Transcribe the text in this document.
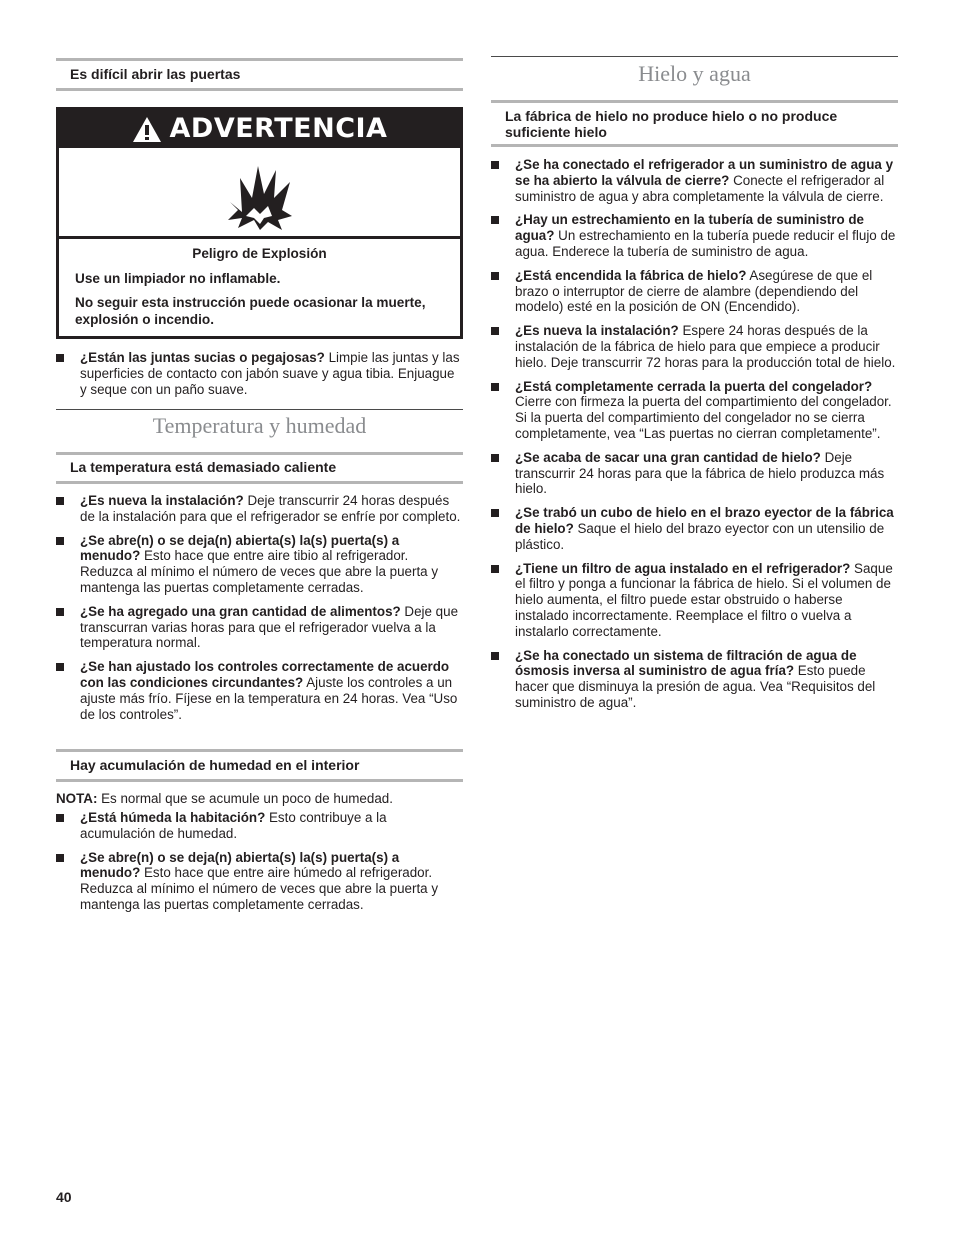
Es difícil abrir las puertas
ADVERTENCIA
Peligro de Explosión
Use un limpiador no inflamable.
No seguir esta instrucción puede ocasionar la muerte, explosión o incendio.
¿Están las juntas sucias o pegajosas? Limpie las juntas y las superficies de contacto con jabón suave y agua tibia. Enjuague y seque con un paño suave.
Temperatura y humedad
La temperatura está demasiado caliente
¿Es nueva la instalación? Deje transcurrir 24 horas después de la instalación para que el refrigerador se enfríe por completo.
¿Se abre(n) o se deja(n) abierta(s) la(s) puerta(s) a menudo? Esto hace que entre aire tibio al refrigerador. Reduzca al mínimo el número de veces que abre la puerta y mantenga las puertas completamente cerradas.
¿Se ha agregado una gran cantidad de alimentos? Deje que transcurran varias horas para que el refrigerador vuelva a la temperatura normal.
¿Se han ajustado los controles correctamente de acuerdo con las condiciones circundantes? Ajuste los controles a un ajuste más frío. Fíjese en la temperatura en 24 horas. Vea “Uso de los controles”.
Hay acumulación de humedad en el interior
NOTA: Es normal que se acumule un poco de humedad.
¿Está húmeda la habitación? Esto contribuye a la acumulación de humedad.
¿Se abre(n) o se deja(n) abierta(s) la(s) puerta(s) a menudo? Esto hace que entre aire húmedo al refrigerador. Reduzca al mínimo el número de veces que abre la puerta y mantenga las puertas completamente cerradas.
Hielo y agua
La fábrica de hielo no produce hielo o no produce suficiente hielo
¿Se ha conectado el refrigerador a un suministro de agua y se ha abierto la válvula de cierre? Conecte el refrigerador al suministro de agua y abra completamente la válvula de cierre.
¿Hay un estrechamiento en la tubería de suministro de agua? Un estrechamiento en la tubería puede reducir el flujo de agua. Enderece la tubería de suministro de agua.
¿Está encendida la fábrica de hielo? Asegúrese de que el brazo o interruptor de cierre de alambre (dependiendo del modelo) esté en la posición de ON (Encendido).
¿Es nueva la instalación? Espere 24 horas después de la instalación de la fábrica de hielo para que empiece a producir hielo. Deje transcurrir 72 horas para la producción total de hielo.
¿Está completamente cerrada la puerta del congelador? Cierre con firmeza la puerta del compartimiento del congelador. Si la puerta del compartimiento del congelador no se cierra completamente, vea “Las puertas no cierran completamente”.
¿Se acaba de sacar una gran cantidad de hielo? Deje transcurrir 24 horas para que la fábrica de hielo produzca más hielo.
¿Se trabó un cubo de hielo en el brazo eyector de la fábrica de hielo? Saque el hielo del brazo eyector con un utensilio de plástico.
¿Tiene un filtro de agua instalado en el refrigerador? Saque el filtro y ponga a funcionar la fábrica de hielo. Si el volumen de hielo aumenta, el filtro puede estar obstruido o haberse instalado incorrectamente. Reemplace el filtro o vuelva a instalarlo correctamente.
¿Se ha conectado un sistema de filtración de agua de ósmosis inversa al suministro de agua fría? Esto puede hacer que disminuya la presión de agua. Vea “Requisitos del suministro de agua”.
40
